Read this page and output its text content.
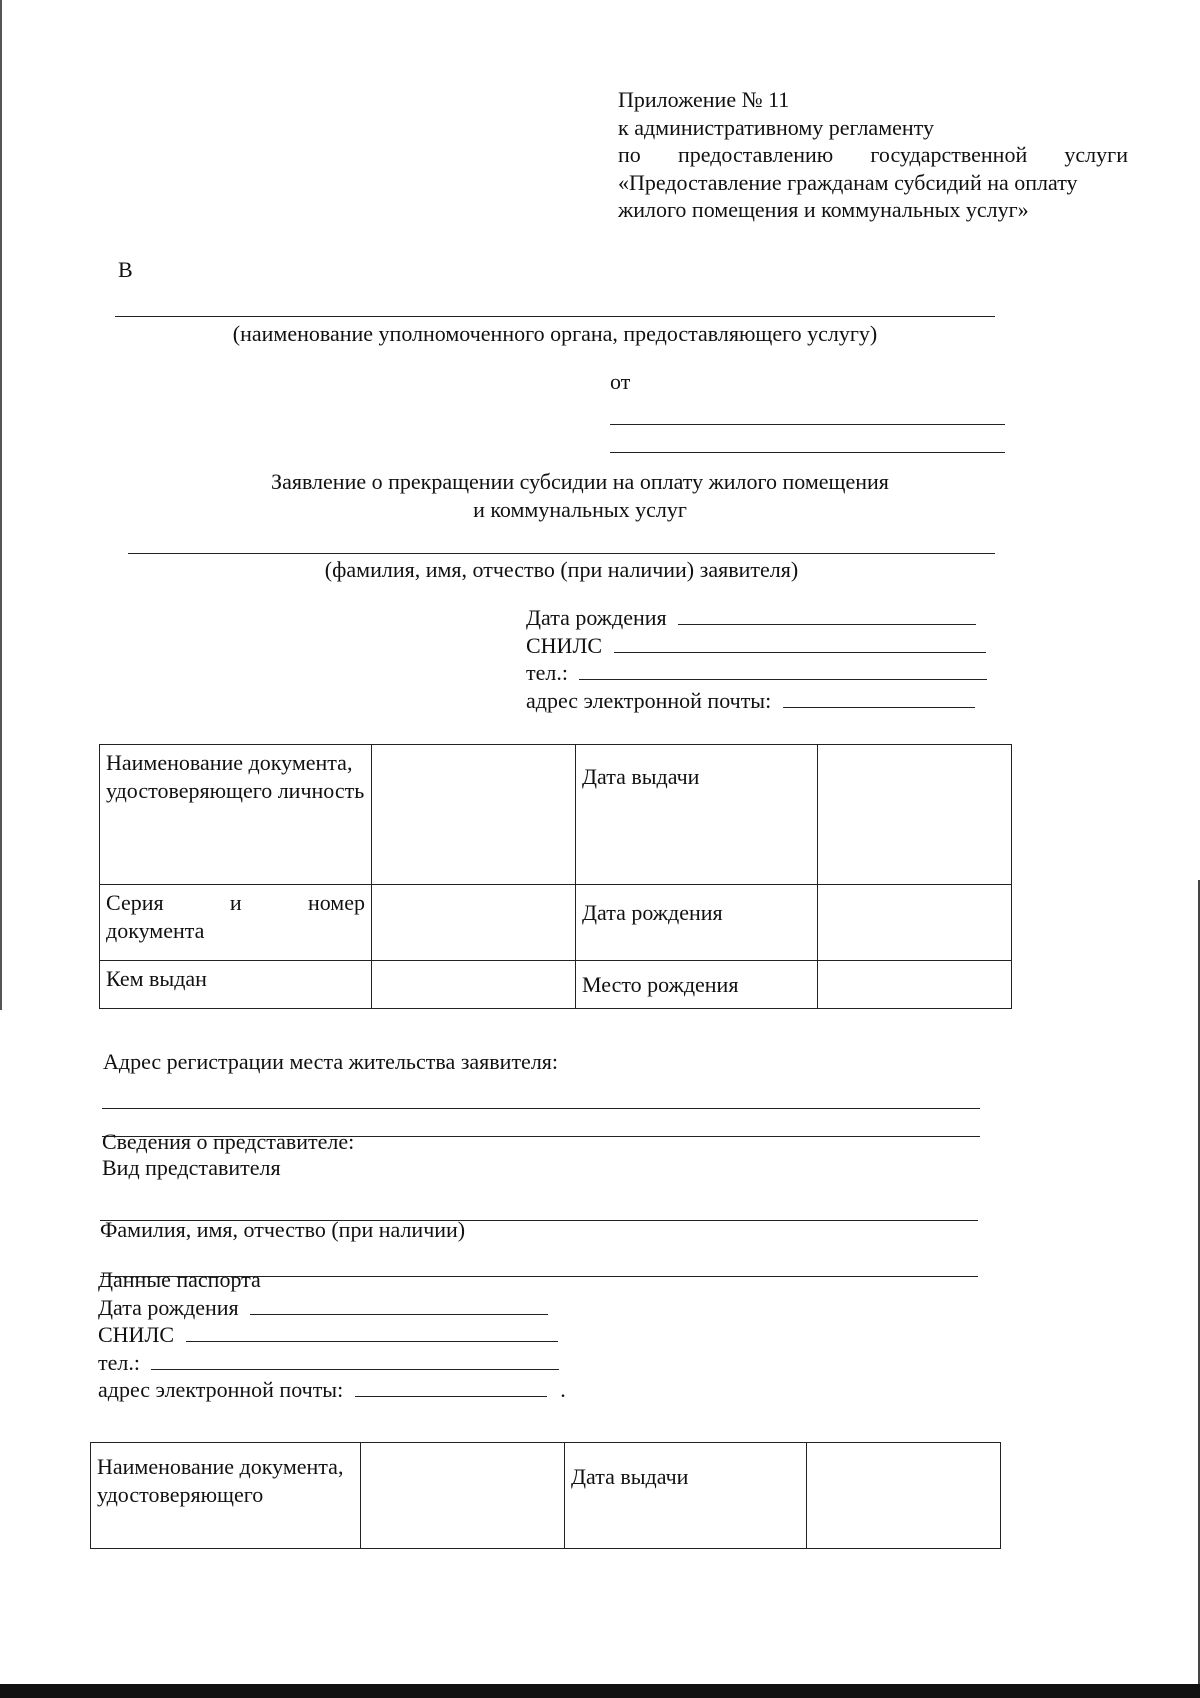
Приложение № 11
к административному регламенту
по предоставлению государственной услуги
«Предоставление гражданам субсидий на оплату
жилого помещения и коммунальных услуг»
В
(наименование уполномоченного органа, предоставляющего услугу)
от
Заявление о прекращении субсидии на оплату жилого помещения
и коммунальных услуг
(фамилия, имя, отчество (при наличии) заявителя)
Дата рождения
СНИЛС
тел.:
адрес электронной почты:
Наименование документа, удостоверяющего личность		Дата выдачи	

Серия и номер
документа		Дата рождения	
Кем выдан		Место рождения	
Адрес регистрации места жительства заявителя:
Сведения о представителе:
Вид представителя
Фамилия, имя, отчество (при наличии)
Данные паспорта
Дата рождения
СНИЛС
тел.:
адрес электронной почты:	.
Наименование документа, удостоверяющего		Дата выдачи	
